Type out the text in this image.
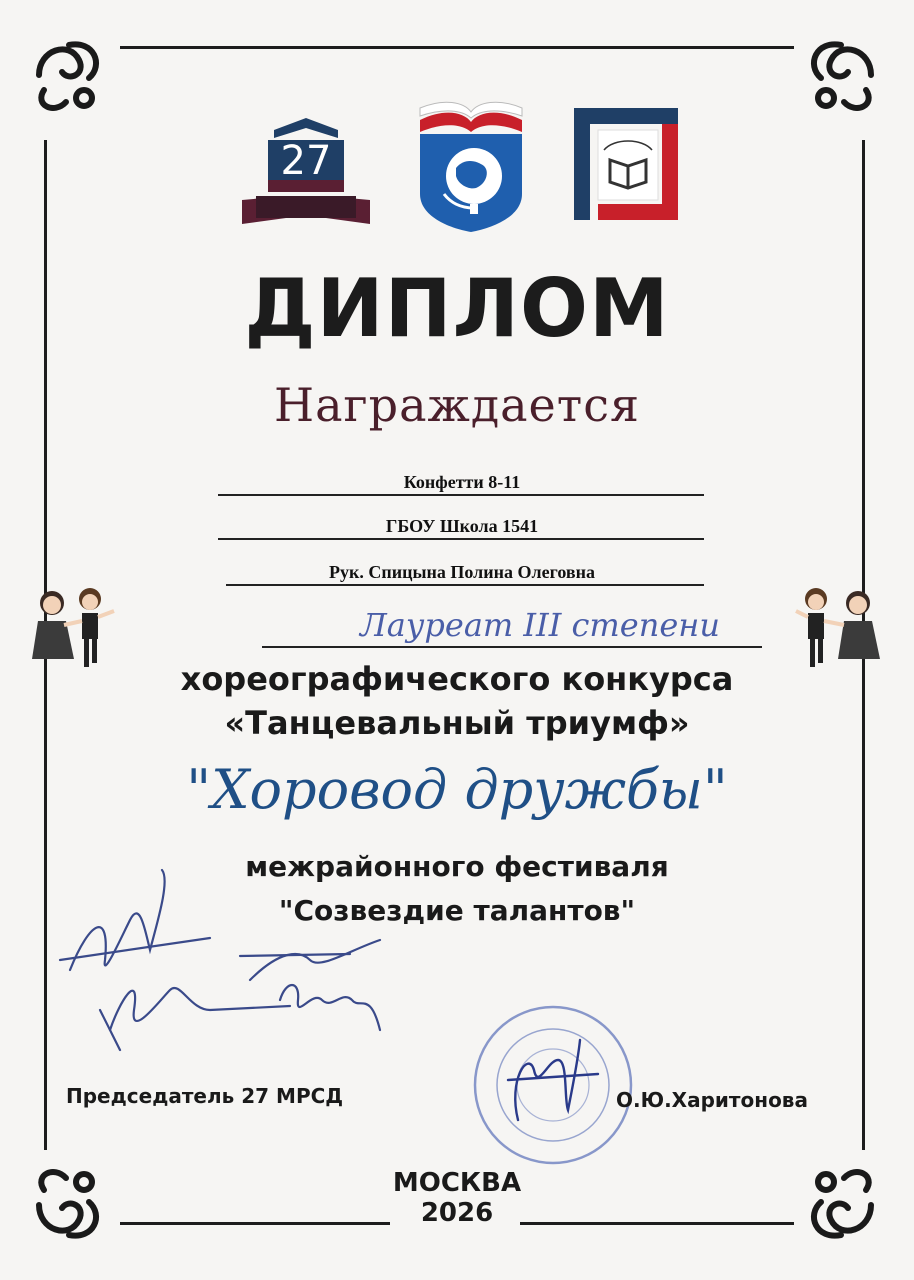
27
ДИПЛОМ
Награждается
Конфетти 8-11
ГБОУ Школа 1541
Рук. Спицына Полина Олеговна
Лауреат III степени
хореографического конкурса
«Танцевальный триумф»
"Хоровод дружбы"
межрайонного фестиваля
"Созвездие талантов"
Председатель 27 МРСД	О.Ю.Харитонова
МОСКВА
2026
